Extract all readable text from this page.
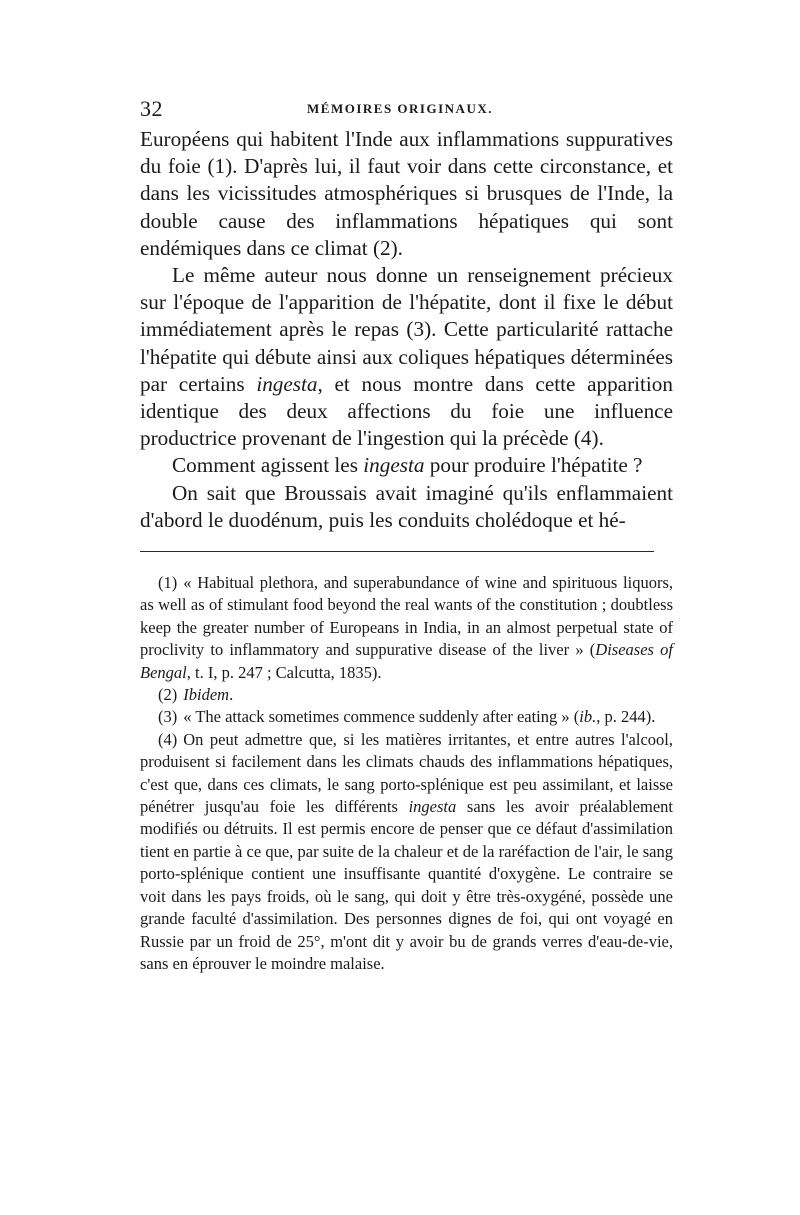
32	MÉMOIRES ORIGINAUX.

Européens qui habitent l'Inde aux inflammations suppuratives du foie (1). D'après lui, il faut voir dans cette circonstance, et dans les vicissitudes atmosphériques si brusques de l'Inde, la double cause des inflammations hépatiques qui sont endémiques dans ce climat (2).

Le même auteur nous donne un renseignement précieux sur l'époque de l'apparition de l'hépatite, dont il fixe le début immédiatement après le repas (3). Cette particularité rattache l'hépatite qui débute ainsi aux coliques hépatiques déterminées par certains ingesta, et nous montre dans cette apparition identique des deux affections du foie une influence productrice provenant de l'ingestion qui la précède (4).

Comment agissent les ingesta pour produire l'hépatite ?

On sait que Broussais avait imaginé qu'ils enflammaient d'abord le duodénum, puis les conduits cholédoque et hé-

(1) « Habitual plethora, and superabundance of wine and spirituous liquors, as well as of stimulant food beyond the real wants of the constitution ; doubtless keep the greater number of Europeans in India, in an almost perpetual state of proclivity to inflammatory and suppurative disease of the liver » (Diseases of Bengal, t. I, p. 247 ; Calcutta, 1835).

(2) Ibidem.

(3) « The attack sometimes commence suddenly after eating » (ib., p. 244).

(4) On peut admettre que, si les matières irritantes, et entre autres l'alcool, produisent si facilement dans les climats chauds des inflammations hépatiques, c'est que, dans ces climats, le sang porto-splénique est peu assimilant, et laisse pénétrer jusqu'au foie les différents ingesta sans les avoir préalablement modifiés ou détruits. Il est permis encore de penser que ce défaut d'assimilation tient en partie à ce que, par suite de la chaleur et de la raréfaction de l'air, le sang porto-splénique contient une insuffisante quantité d'oxygène. Le contraire se voit dans les pays froids, où le sang, qui doit y être très-oxygéné, possède une grande faculté d'assimilation. Des personnes dignes de foi, qui ont voyagé en Russie par un froid de 25°, m'ont dit y avoir bu de grands verres d'eau-de-vie, sans en éprouver le moindre malaise.
